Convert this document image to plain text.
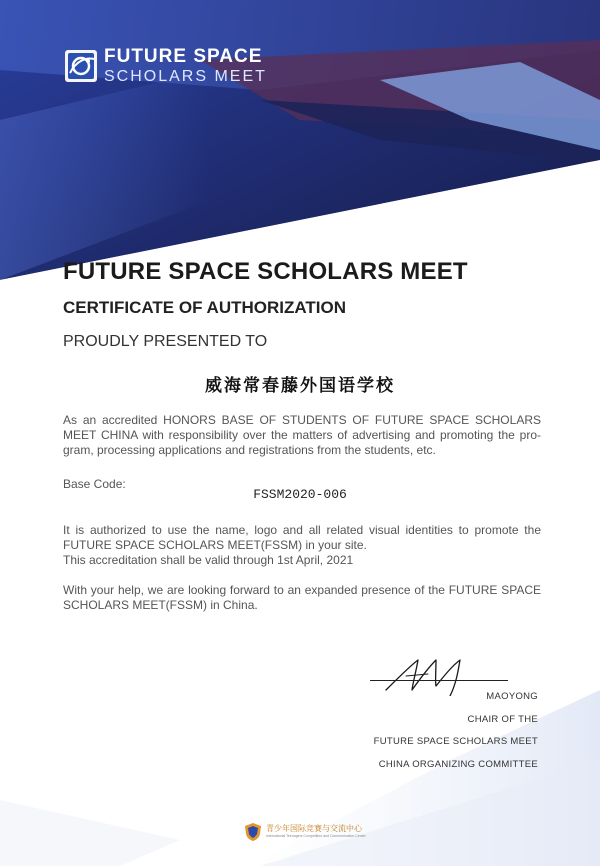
FUTURE SPACE
SCHOLARS MEET
FUTURE SPACE SCHOLARS MEET
CERTIFICATE OF AUTHORIZATION
PROUDLY PRESENTED TO
威海常春藤外国语学校
As an accredited HONORS BASE OF STUDENTS OF FUTURE SPACE SCHOLARS MEET CHINA with responsibility over the matters of advertising and promoting the pro-gram, processing applications and registrations from the students, etc.
Base Code:
FSSM2020-006
It is authorized to use the name, logo and all related visual identities to promote the FUTURE SPACE SCHOLARS MEET(FSSM) in your site.
This accreditation shall be valid through 1st April, 2021
With your help, we are looking forward to an expanded presence of the FUTURE SPACE SCHOLARS MEET(FSSM) in China.
MAOYONG
CHAIR OF THE
FUTURE SPACE SCHOLARS MEET
CHINA ORGANIZING COMMITTEE
青少年国际竞赛与交流中心
International Teenagers Competition and Communication Center
